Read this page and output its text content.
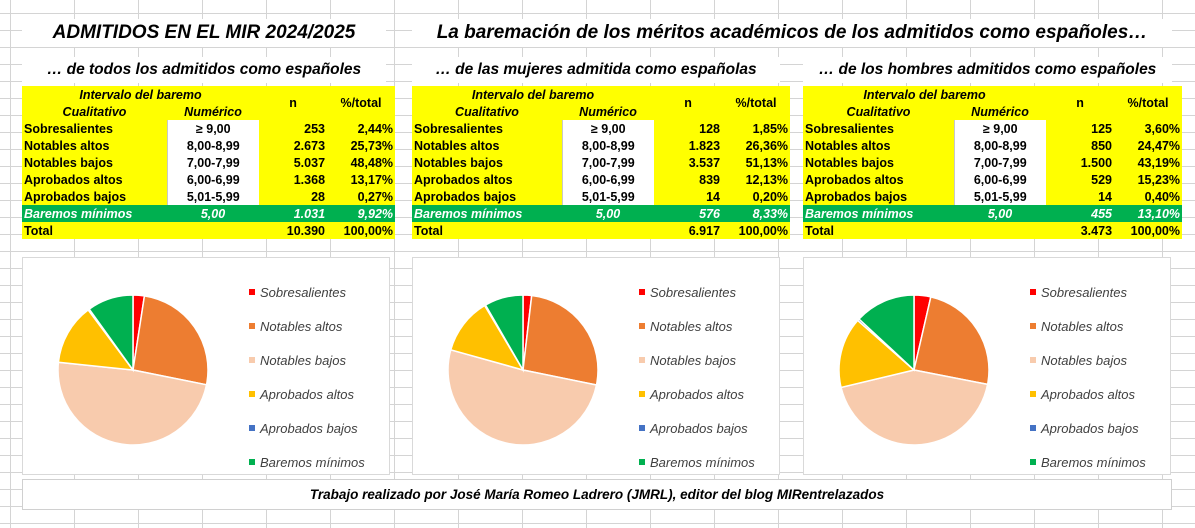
ADMITIDOS EN EL MIR 2024/2025	La baremación de los méritos académicos de los admitidos como españoles…
… de todos los admitidos como españoles	… de las mujeres admitida como españolas	… de los hombres admitidos como españoles
Intervalo del baremo		n	%/total
Cualitativo	Numérico		
Sobresalientes	≥ 9,00	253	2,44%
Notables altos	8,00-8,99	2.673	25,73%
Notables bajos	7,00-7,99	5.037	48,48%
Aprobados altos	6,00-6,99	1.368	13,17%
Aprobados bajos	5,01-5,99	28	0,27%
Baremos mínimos	5,00	1.031	9,92%
Total		10.390	100,00%
Intervalo del baremo		n	%/total
Cualitativo	Numérico		
Sobresalientes	≥ 9,00	128	1,85%
Notables altos	8,00-8,99	1.823	26,36%
Notables bajos	7,00-7,99	3.537	51,13%
Aprobados altos	6,00-6,99	839	12,13%
Aprobados bajos	5,01-5,99	14	0,20%
Baremos mínimos	5,00	576	8,33%
Total		6.917	100,00%
Intervalo del baremo		n	%/total
Cualitativo	Numérico		
Sobresalientes	≥ 9,00	125	3,60%
Notables altos	8,00-8,99	850	24,47%
Notables bajos	7,00-7,99	1.500	43,19%
Aprobados altos	6,00-6,99	529	15,23%
Aprobados bajos	5,01-5,99	14	0,40%
Baremos mínimos	5,00	455	13,10%
Total		3.473	100,00%
Sobresalientes
Notables altos
Notables bajos
Aprobados altos
Aprobados bajos
Baremos mínimos
Sobresalientes
Notables altos
Notables bajos
Aprobados altos
Aprobados bajos
Baremos mínimos
Sobresalientes
Notables altos
Notables bajos
Aprobados altos
Aprobados bajos
Baremos mínimos
Trabajo realizado por José María Romeo Ladrero (JMRL), editor del blog MIRentrelazados
